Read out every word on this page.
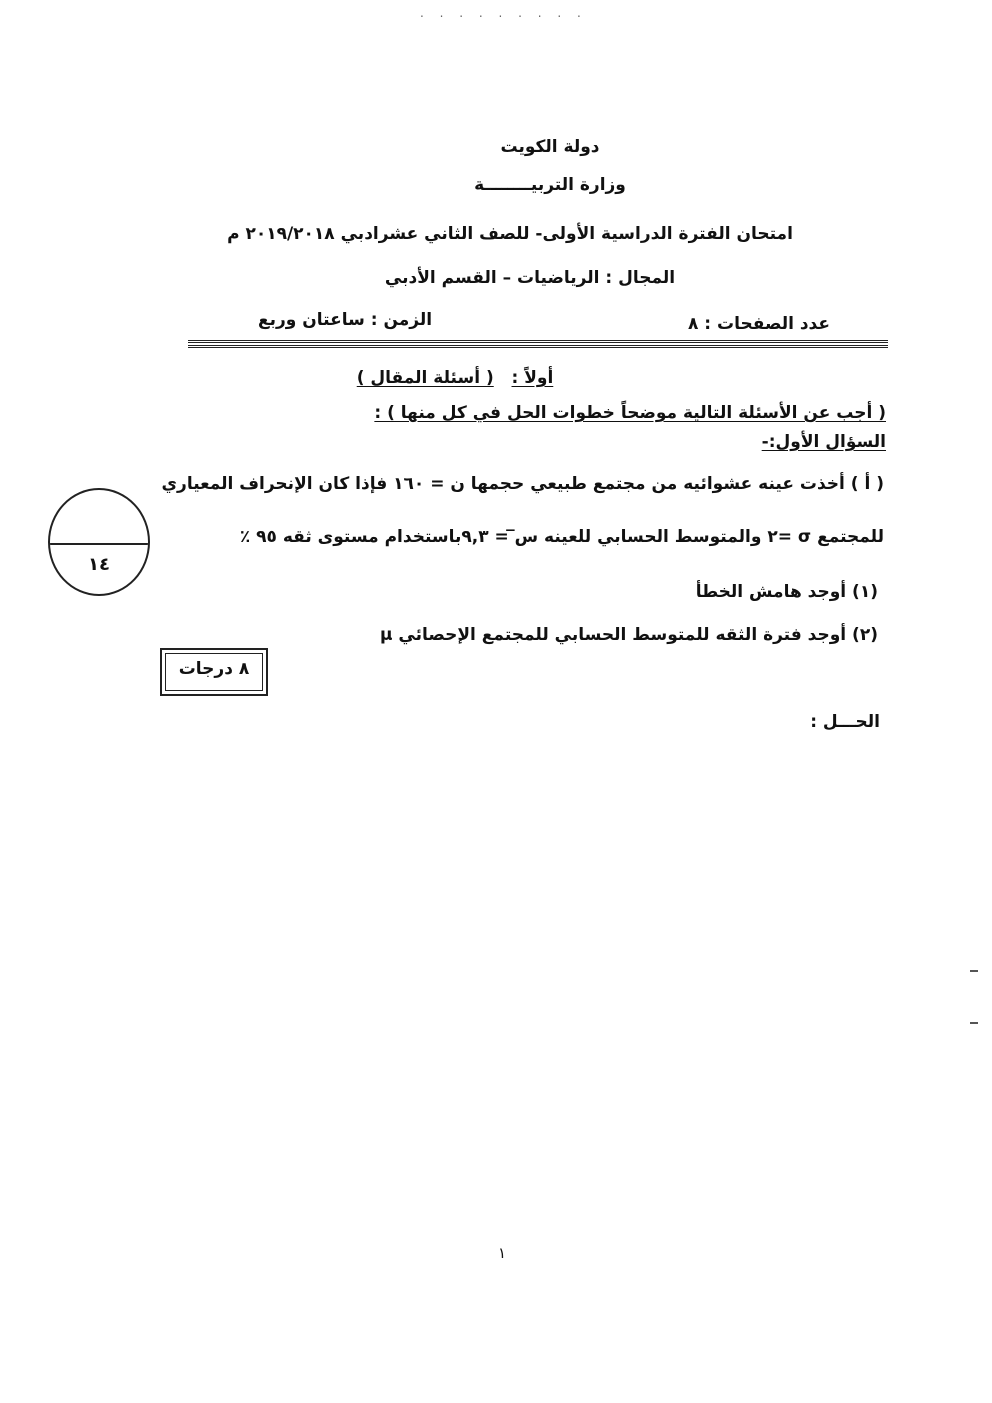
. . . . . . . . .
دولة الكويت
وزارة التربيــــــــة
امتحان الفترة الدراسية الأولى- للصف الثاني عشرادبي ٢٠١٩/٢٠١٨ م
المجال : الرياضيات – القسم الأدبي
عدد الصفحات : ٨
الزمن : ساعتان وربع
أولاً :   ( أسئلة المقال )
( أجب عن الأسئلة التالية موضحاً خطوات الحل في كل منها ) :
السؤال الأول:-
( أ ) أخذت عينه عشوائيه من مجتمع طبيعي حجمها ن = ١٦٠ فإذا كان الإنحراف المعياري
للمجتمع σ =٢ والمتوسط الحسابي للعينه س̅ = ٩,٣باستخدام مستوى ثقه ٩٥ ٪
(١) أوجد هامش الخطأ
(٢) أوجد فترة الثقه للمتوسط الحسابي للمجتمع الإحصائي μ
١٤
٨ درجات
الحـــل :
١
